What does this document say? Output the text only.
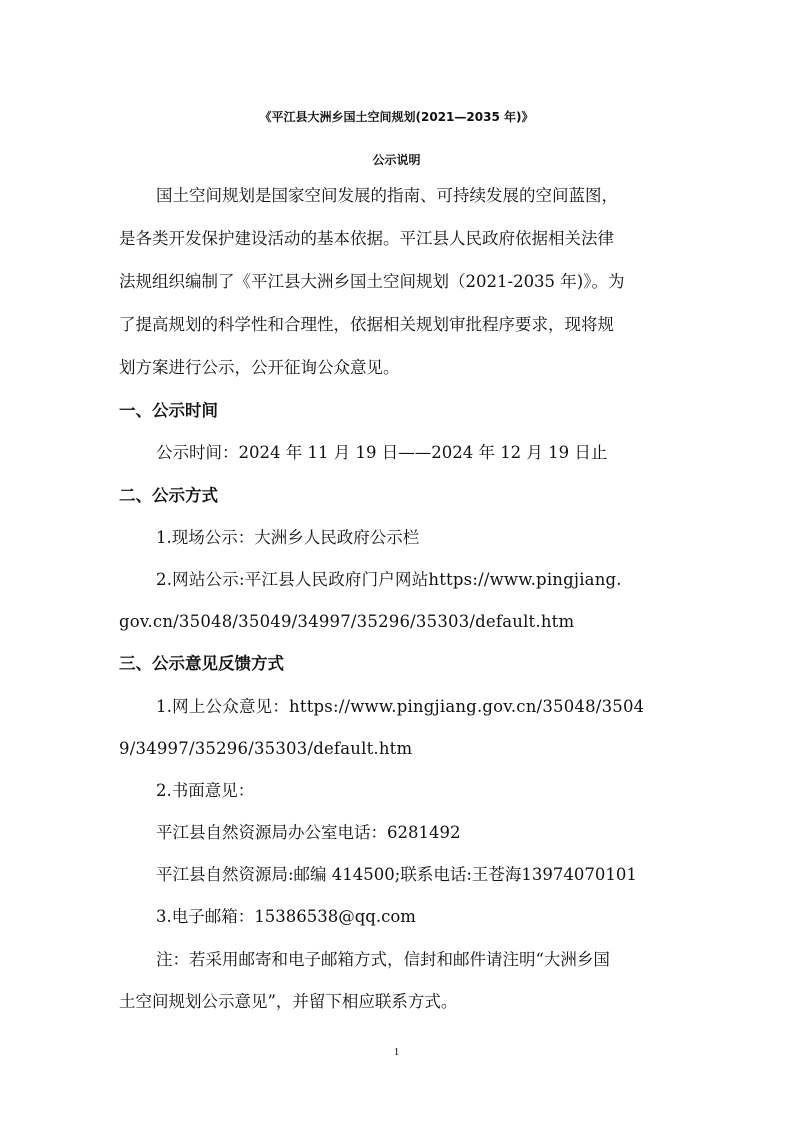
《平江县大洲乡国土空间规划(2021—2035 年)》
公示说明
国土空间规划是国家空间发展的指南、可持续发展的空间蓝图，
是各类开发保护建设活动的基本依据。平江县人民政府依据相关法律
法规组织编制了《平江县大洲乡国土空间规划（2021-2035 年)》。为
了提高规划的科学性和合理性，依据相关规划审批程序要求，现将规
划方案进行公示，公开征询公众意见。
一、公示时间
公示时间：2024 年 11 月 19 日——2024 年 12 月 19 日止
二、公示方式
1.现场公示：大洲乡人民政府公示栏
2.网站公示:平江县人民政府门户网站https://www.pingjiang.
gov.cn/35048/35049/34997/35296/35303/default.htm
三、公示意见反馈方式
1.网上公众意见：https://www.pingjiang.gov.cn/35048/3504
9/34997/35296/35303/default.htm
2.书面意见：
平江县自然资源局办公室电话：6281492
平江县自然资源局:邮编 414500;联系电话:王苍海13974070101
3.电子邮箱：15386538@qq.com
注：若采用邮寄和电子邮箱方式，信封和邮件请注明“大洲乡国
土空间规划公示意见”，并留下相应联系方式。
1
